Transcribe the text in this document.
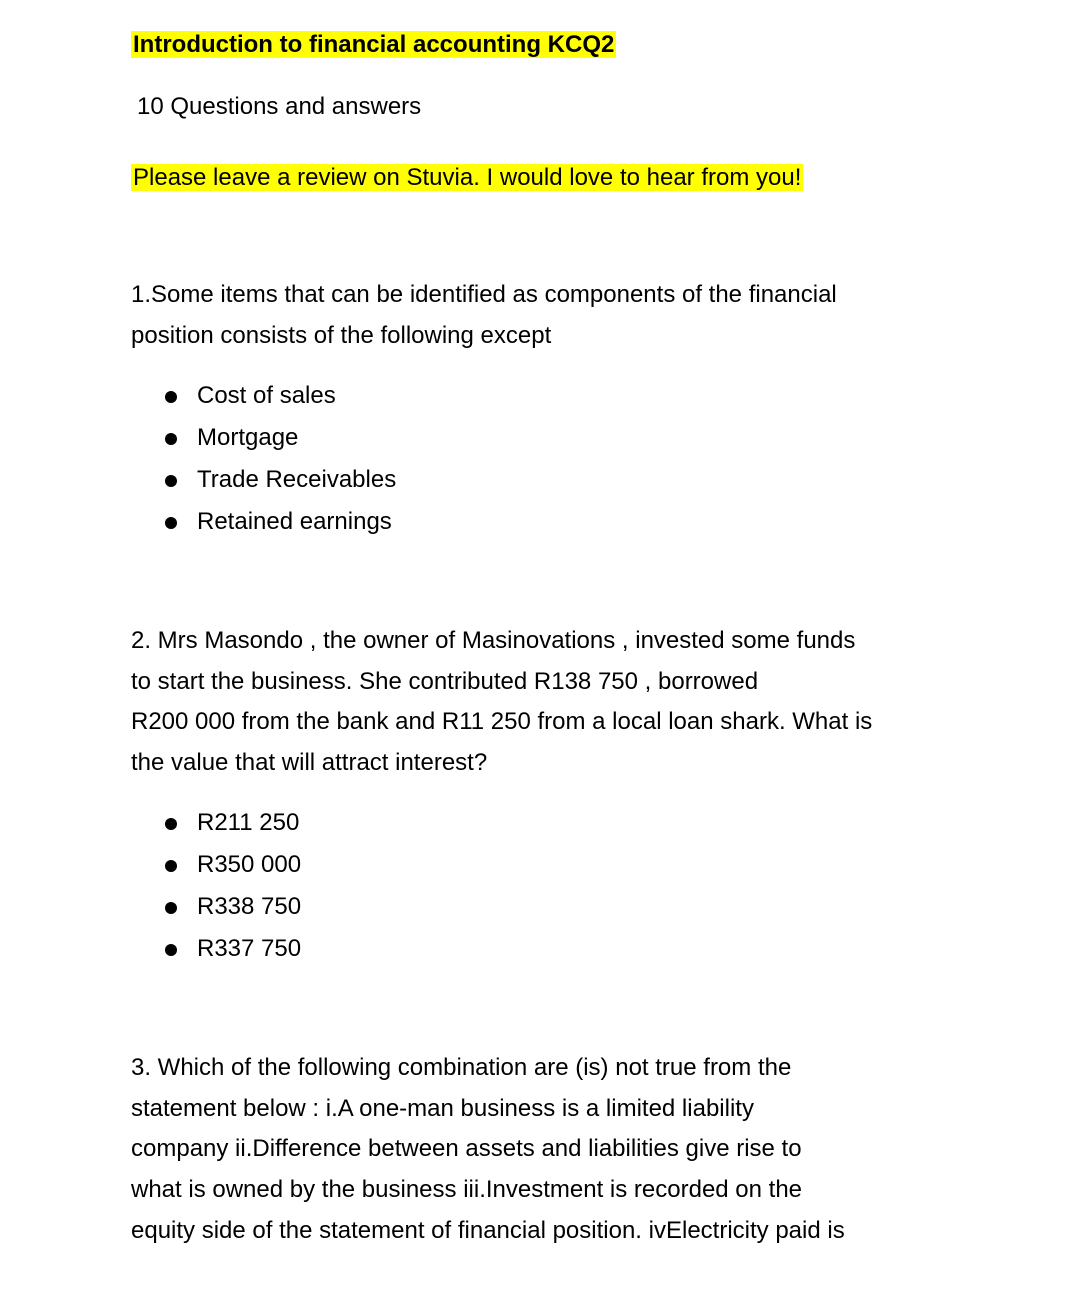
Introduction to financial accounting KCQ2
10 Questions and answers
Please leave a review on Stuvia. I would love to hear from you!
1.Some items that can be identified as components of the financial
position consists of the following except
Cost of sales
Mortgage
Trade Receivables
Retained earnings
2. Mrs Masondo , the owner of Masinovations , invested some funds
to start the business. She contributed R138 750 , borrowed
R200 000 from the bank and R11 250 from a local loan shark. What is
the value that will attract interest?
R211 250
R350 000
R338 750
R337 750
3. Which of the following combination are (is) not true from the
statement below : i.A one-man business is a limited liability
company ii.Difference between assets and liabilities give rise to
what is owned by the business iii.Investment is recorded on the
equity side of the statement of financial position. ivElectricity paid is
